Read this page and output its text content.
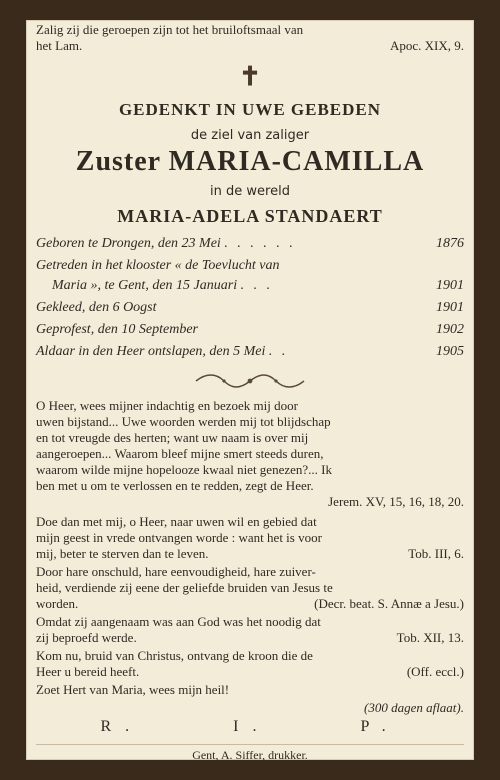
Zalig zij die geroepen zijn tot het bruiloftsmaal van
het Lam.	Apoc. XIX, 9.
✝
GEDENKT IN UWE GEBEDEN
de ziel van zaliger
Zuster MARIA-CAMILLA
in de wereld
MARIA-ADELA STANDAERT
Geboren te Drongen, den 23 Mei . . . . . .	1876
Getreden in het klooster « de Toevlucht van
Maria », te Gent, den 15 Januari . . .	1901
Gekleed, den 6 Oogst	1901
Geprofest, den 10 September	1902
Aldaar in den Heer ontslapen, den 5 Mei . .	1905
O Heer, wees mijner indachtig en bezoek mij door
uwen bijstand... Uwe woorden werden mij tot blijdschap
en tot vreugde des herten; want uw naam is over mij
aangeroepen... Waarom bleef mijne smert steeds duren,
waarom wilde mijne hopelooze kwaal niet genezen?... Ik
ben met u om te verlossen en te redden, zegt de Heer.
Jerem. XV, 15, 16, 18, 20.
Doe dan met mij, o Heer, naar uwen wil en gebied dat
mijn geest in vrede ontvangen worde : want het is voor
mij, beter te sterven dan te leven.	Tob. III, 6.
Door hare onschuld, hare eenvoudigheid, hare zuiver-
heid, verdiende zij eene der geliefde bruiden van Jesus te
worden.	(Decr. beat. S. Annæ a Jesu.)
Omdat zij aangenaam was aan God was het noodig dat
zij beproefd werde.	Tob. XII, 13.
Kom nu, bruid van Christus, ontvang de kroon die de
Heer u bereid heeft.	(Off. eccl.)
Zoet Hert van Maria, wees mijn heil!
(300 dagen aflaat).
R.     I.     P.
Gent, A. Siffer, drukker.
